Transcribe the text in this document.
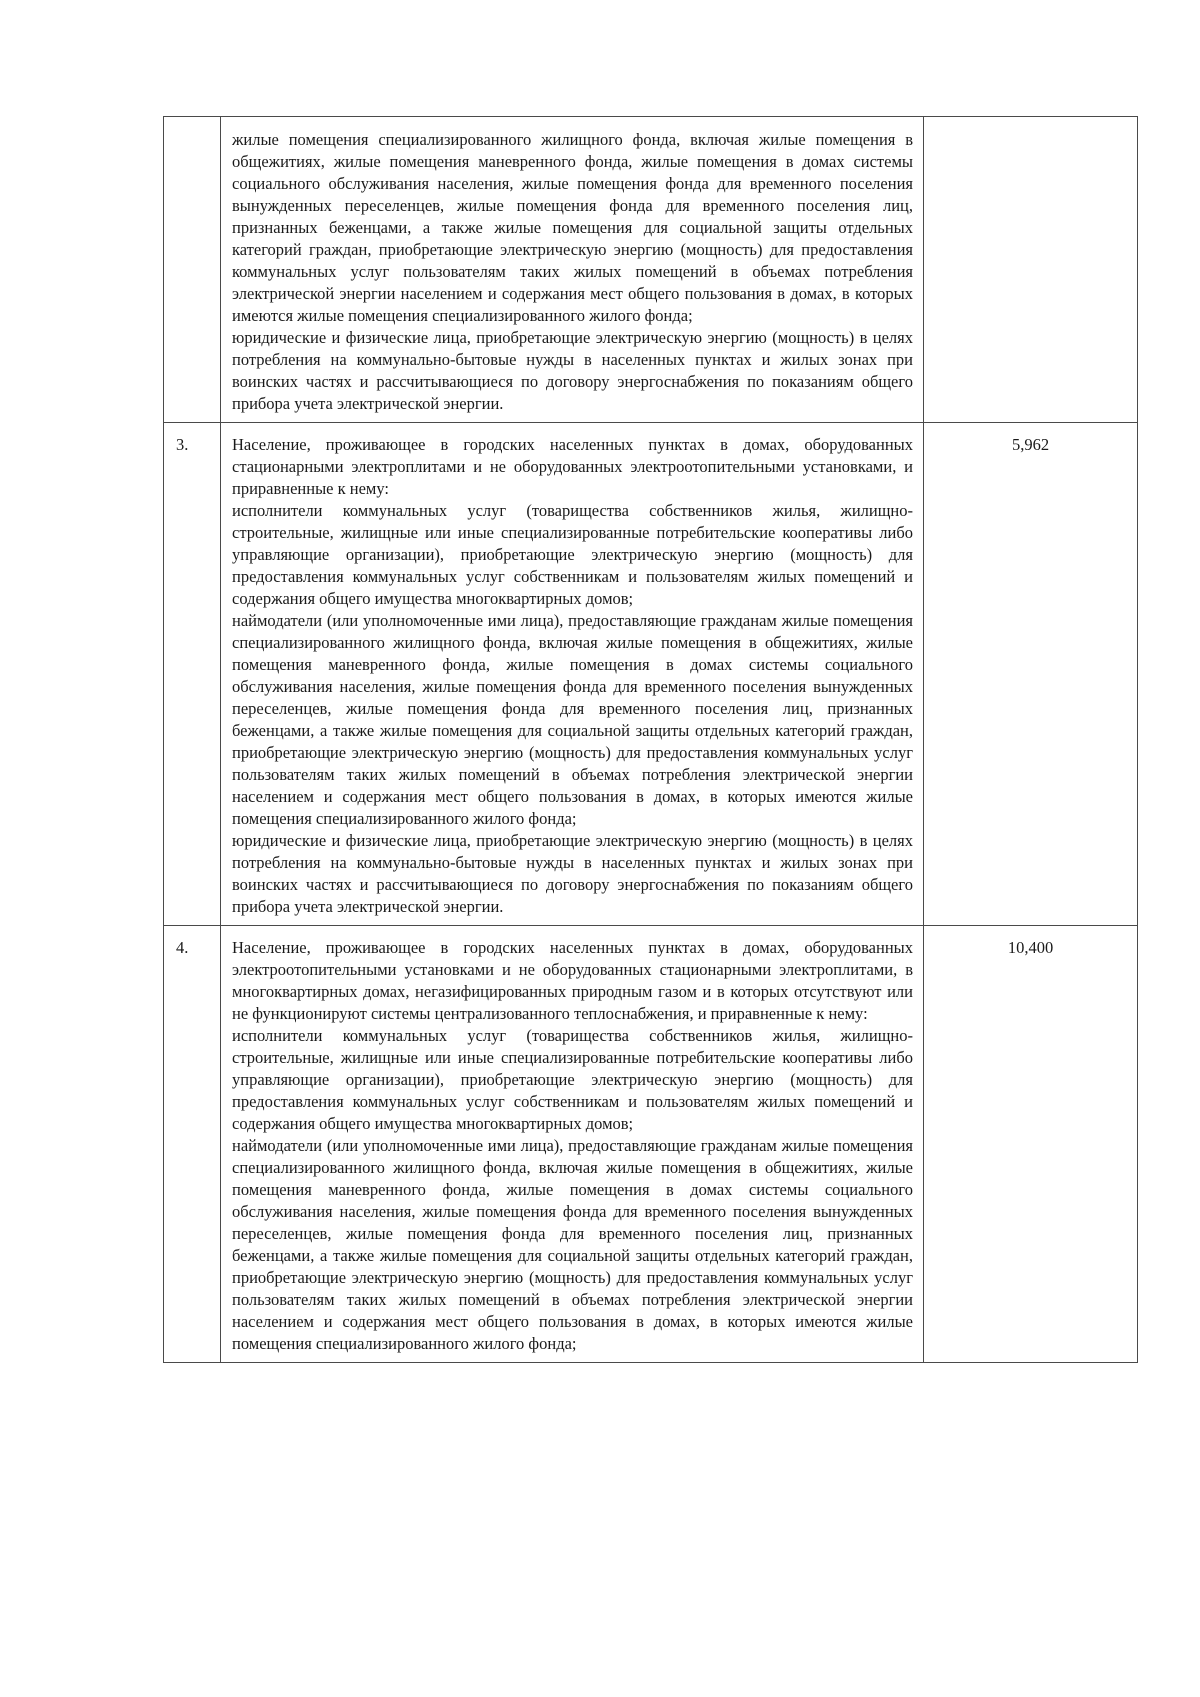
	жилые помещения специализированного жилищного фонда, включая жилые помещения в общежитиях, жилые помещения маневренного фонда, жилые помещения в домах системы социального обслуживания населения, жилые помещения фонда для временного поселения вынужденных переселенцев, жилые помещения фонда для временного поселения лиц, признанных беженцами, а также жилые помещения для социальной защиты отдельных категорий граждан, приобретающие электрическую энергию (мощность) для предоставления коммунальных услуг пользователям таких жилых помещений в объемах потребления электрической энергии населением и содержания мест общего пользования в домах, в которых имеются жилые помещения специализированного жилого фонда;

юридические и физические лица, приобретающие электрическую энергию (мощность) в целях потребления на коммунально-бытовые нужды в населенных пунктах и жилых зонах при воинских частях и рассчитывающиеся по договору энергоснабжения по показаниям общего прибора учета электрической энергии.	

3.	Население, проживающее в городских населенных пунктах в домах, оборудованных стационарными электроплитами и не оборудованных электроотопительными установками, и приравненные к нему:

исполнители коммунальных услуг (товарищества собственников жилья, жилищно-строительные, жилищные или иные специализированные потребительские кооперативы либо управляющие организации), приобретающие электрическую энергию (мощность) для предоставления коммунальных услуг собственникам и пользователям жилых помещений и содержания общего имущества многоквартирных домов;

наймодатели (или уполномоченные ими лица), предоставляющие гражданам жилые помещения специализированного жилищного фонда, включая жилые помещения в общежитиях, жилые помещения маневренного фонда, жилые помещения в домах системы социального обслуживания населения, жилые помещения фонда для временного поселения вынужденных переселенцев, жилые помещения фонда для временного поселения лиц, признанных беженцами, а также жилые помещения для социальной защиты отдельных категорий граждан, приобретающие электрическую энергию (мощность) для предоставления коммунальных услуг пользователям таких жилых помещений в объемах потребления электрической энергии населением и содержания мест общего пользования в домах, в которых имеются жилые помещения специализированного жилого фонда;

юридические и физические лица, приобретающие электрическую энергию (мощность) в целях потребления на коммунально-бытовые нужды в населенных пунктах и жилых зонах при воинских частях и рассчитывающиеся по договору энергоснабжения по показаниям общего прибора учета электрической энергии.	5,962

4.	Население, проживающее в городских населенных пунктах в домах, оборудованных электроотопительными установками и не оборудованных стационарными электроплитами, в многоквартирных домах, негазифицированных природным газом и в которых отсутствуют или не функционируют системы централизованного теплоснабжения, и приравненные к нему:

исполнители коммунальных услуг (товарищества собственников жилья, жилищно-строительные, жилищные или иные специализированные потребительские кооперативы либо управляющие организации), приобретающие электрическую энергию (мощность) для предоставления коммунальных услуг собственникам и пользователям жилых помещений и содержания общего имущества многоквартирных домов;

наймодатели (или уполномоченные ими лица), предоставляющие гражданам жилые помещения специализированного жилищного фонда, включая жилые помещения в общежитиях, жилые помещения маневренного фонда, жилые помещения в домах системы социального обслуживания населения, жилые помещения фонда для временного поселения вынужденных переселенцев, жилые помещения фонда для временного поселения лиц, признанных беженцами, а также жилые помещения для социальной защиты отдельных категорий граждан, приобретающие электрическую энергию (мощность) для предоставления коммунальных услуг пользователям таких жилых помещений в объемах потребления электрической энергии населением и содержания мест общего пользования в домах, в которых имеются жилые помещения специализированного жилого фонда;	10,400
